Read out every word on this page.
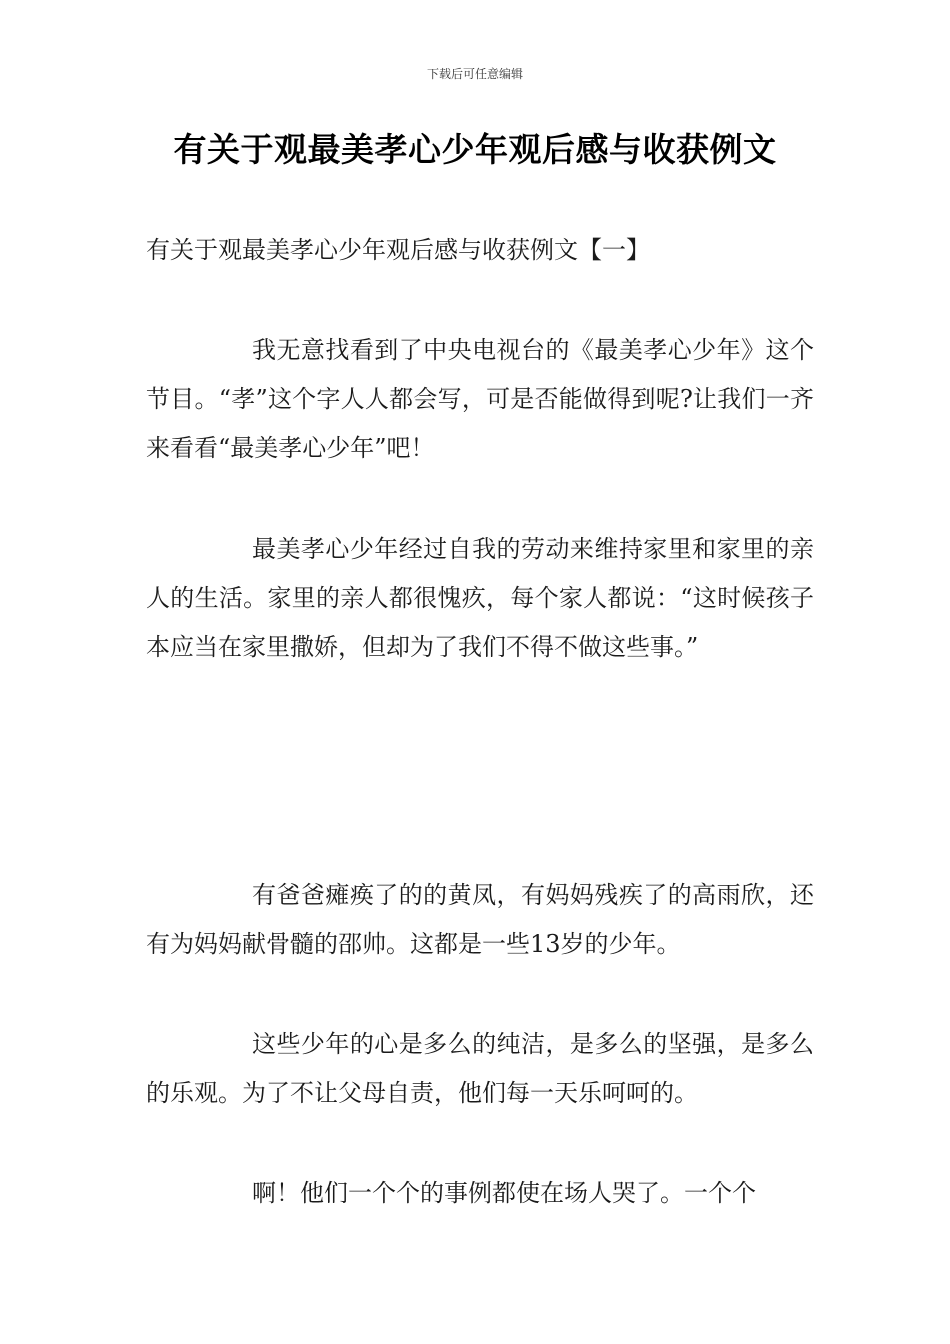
下载后可任意编辑
有关于观最美孝心少年观后感与收获例文

有关于观最美孝心少年观后感与收获例文【一】

我无意找看到了中央电视台的《最美孝心少年》这个节目。“孝”这个字人人都会写，可是否能做得到呢?让我们一齐来看看“最美孝心少年”吧！

最美孝心少年经过自我的劳动来维持家里和家里的亲人的生活。家里的亲人都很愧疚，每个家人都说：“这时候孩子本应当在家里撒娇，但却为了我们不得不做这些事。”

有爸爸瘫痪了的的黄凤，有妈妈残疾了的高雨欣，还有为妈妈献骨髓的邵帅。这都是一些13岁的少年。

这些少年的心是多么的纯洁，是多么的坚强，是多么的乐观。为了不让父母自责，他们每一天乐呵呵的。

啊！他们一个个的事例都使在场人哭了。一个个
